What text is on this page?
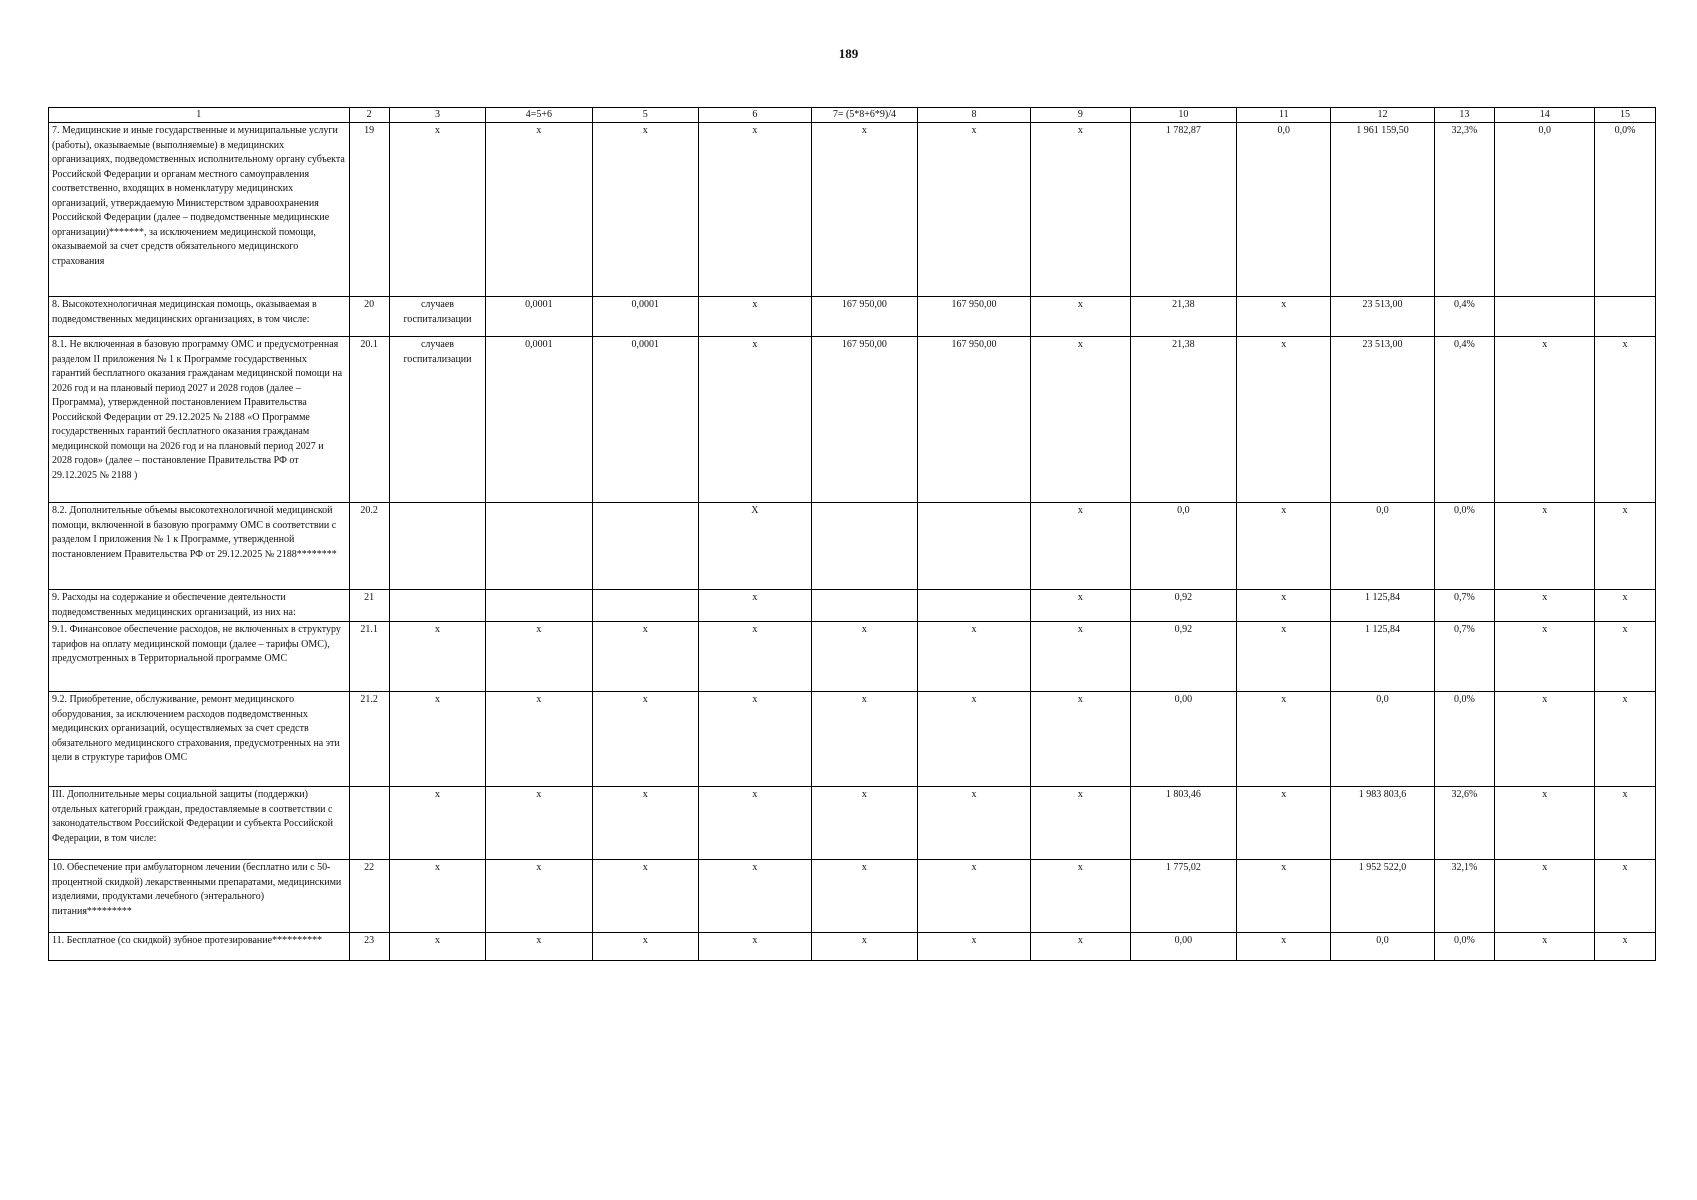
189
1	2	3	4=5+6	5	6	7= (5*8+6*9)/4	8	9	10	11	12	13	14	15
7. Медицинские и иные государственные и муниципальные услуги (работы), оказываемые (выполняемые) в медицинских организациях, подведомственных исполнительному органу субъекта Российской Федерации и органам местного самоуправления соответственно, входящих в номенклатуру медицинских организаций, утверждаемую Министерством здравоохранения Российской Федерации (далее – подведомственные медицинские организации)*******, за исключением медицинской помощи, оказываемой за счет средств обязательного медицинского страхования	19	х	х	х	х	х	х	х	1 782,87	0,0	1 961 159,50	32,3%	0,0	0,0%
8. Высокотехнологичная медицинская помощь, оказываемая в подведомственных медицинских организациях, в том числе:	20	случаев госпитализации	0,0001	0,0001	х	167 950,00	167 950,00	х	21,38	х	23 513,00	0,4%		
8.1. Не включенная в базовую программу ОМС и предусмотренная разделом II приложения № 1 к Программе государственных гарантий бесплатного оказания гражданам медицинской помощи на 2026 год и на плановый период 2027 и 2028 годов (далее – Программа), утвержденной постановлением Правительства Российской Федерации от 29.12.2025 № 2188 «О Программе государственных гарантий бесплатного оказания гражданам медицинской помощи на 2026 год и на плановый период 2027 и 2028 годов» (далее – постановление Правительства РФ от 29.12.2025 № 2188 )	20.1	случаев госпитализации	0,0001	0,0001	х	167 950,00	167 950,00	х	21,38	х	23 513,00	0,4%	х	х
8.2. Дополнительные объемы высокотехнологичной медицинской помощи, включенной в базовую программу ОМС в соответствии с разделом I приложения № 1 к Программе, утвержденной постановлением Правительства РФ от 29.12.2025 № 2188********	20.2				X			х	0,0	х	0,0	0,0%	х	х
9. Расходы на содержание и обеспечение деятельности подведомственных медицинских организаций, из них на:	21				х			х	0,92	х	1 125,84	0,7%	х	х
9.1. Финансовое обеспечение расходов, не включенных в структуру тарифов на оплату медицинской помощи (далее – тарифы ОМС), предусмотренных в Территориальной программе ОМС	21.1	х	х	х	х	х	х	х	0,92	х	1 125,84	0,7%	х	х
9.2. Приобретение, обслуживание, ремонт медицинского оборудования, за исключением расходов подведомственных медицинских организаций, осуществляемых за счет средств обязательного медицинского страхования, предусмотренных на эти цели в структуре тарифов ОМС	21.2	х	х	х	х	х	х	х	0,00	х	0,0	0,0%	х	х
III. Дополнительные меры социальной защиты (поддержки) отдельных категорий граждан, предоставляемые в соответствии с законодательством Российской Федерации и субъекта Российской Федерации, в том числе:		х	х	х	х	х	х	х	1 803,46	х	1 983 803,6	32,6%	х	х
10. Обеспечение при амбулаторном лечении (бесплатно или с 50-процентной скидкой) лекарственными препаратами, медицинскими изделиями, продуктами лечебного (энтерального) питания*********	22	х	х	х	х	х	х	х	1 775,02	х	1 952 522,0	32,1%	х	х
11. Бесплатное (со скидкой) зубное протезирование**********	23	х	х	х	х	х	х	х	0,00	х	0,0	0,0%	х	х
